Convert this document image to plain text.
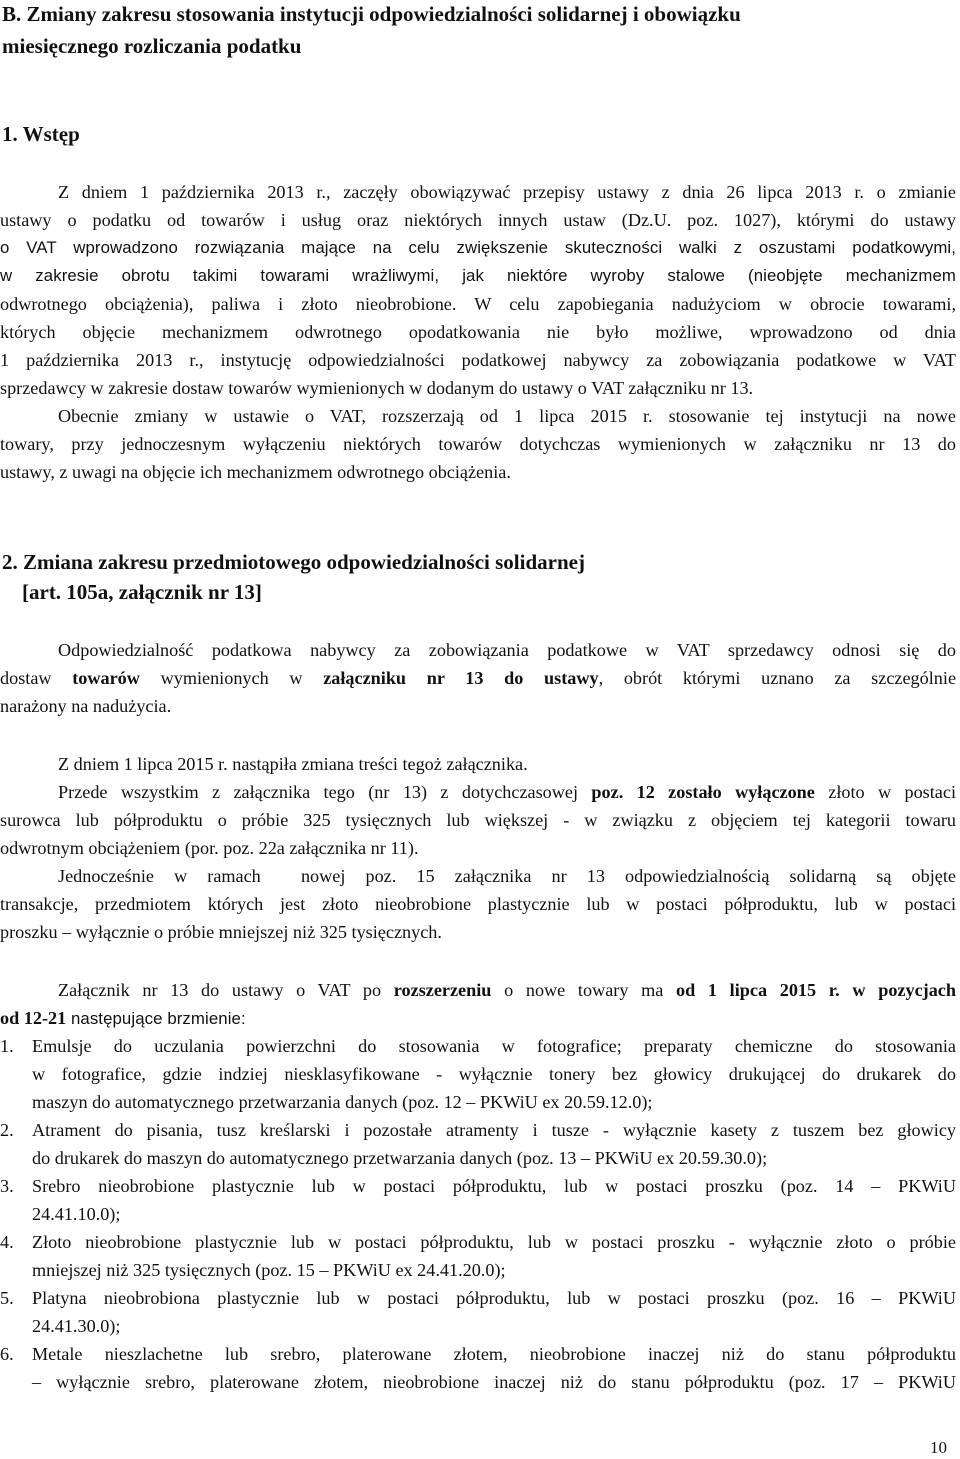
B. Zmiany zakresu stosowania instytucji odpowiedzialności solidarnej i obowiązku
miesięcznego rozliczania podatku
1. Wstęp
Z dniem 1 października 2013 r., zaczęły obowiązywać przepisy ustawy z dnia 26 lipca 2013 r. o zmianie
ustawy o podatku od towarów i usług oraz niektórych innych ustaw (Dz.U. poz. 1027), którymi do ustawy
o VAT wprowadzono rozwiązania mające na celu zwiększenie skuteczności walki z oszustami podatkowymi,
w zakresie obrotu takimi towarami wrażliwymi, jak niektóre wyroby stalowe (nieobjęte mechanizmem
odwrotnego obciążenia), paliwa i złoto nieobrobione. W celu zapobiegania nadużyciom w obrocie towarami,
których objęcie mechanizmem odwrotnego opodatkowania nie było możliwe, wprowadzono od dnia
1 października 2013 r., instytucję odpowiedzialności podatkowej nabywcy za zobowiązania podatkowe w VAT
sprzedawcy w zakresie dostaw towarów wymienionych w dodanym do ustawy o VAT załączniku nr 13.
Obecnie zmiany w ustawie o VAT, rozszerzają od 1 lipca 2015 r. stosowanie tej instytucji na nowe
towary, przy jednoczesnym wyłączeniu niektórych towarów dotychczas wymienionych w załączniku nr 13 do
ustawy, z uwagi na objęcie ich mechanizmem odwrotnego obciążenia.
2. Zmiana zakresu przedmiotowego odpowiedzialności solidarnej
[art. 105a, załącznik nr 13]
Odpowiedzialność podatkowa nabywcy za zobowiązania podatkowe w VAT sprzedawcy odnosi się do
dostaw towarów wymienionych w załączniku nr 13 do ustawy, obrót którymi uznano za szczególnie
narażony na nadużycia.
Z dniem 1 lipca 2015 r. nastąpiła zmiana treści tegoż załącznika.
Przede wszystkim z załącznika tego (nr 13) z dotychczasowej poz. 12 zostało wyłączone złoto w postaci
surowca lub półproduktu o próbie 325 tysięcznych lub większej - w związku z objęciem tej kategorii towaru
odwrotnym obciążeniem (por. poz. 22a załącznika nr 11).
Jednocześnie w ramach  nowej poz. 15 załącznika nr 13 odpowiedzialnością solidarną są objęte
transakcje, przedmiotem których jest złoto nieobrobione plastycznie lub w postaci półproduktu, lub w postaci
proszku – wyłącznie o próbie mniejszej niż 325 tysięcznych.
Załącznik nr 13 do ustawy o VAT po rozszerzeniu o nowe towary ma od 1 lipca 2015 r. w pozycjach
od 12-21 następujące brzmienie:
1.	Emulsje do uczulania powierzchni do stosowania w fotografice; preparaty chemiczne do stosowania
w fotografice, gdzie indziej niesklasyfikowane - wyłącznie tonery bez głowicy drukującej do drukarek do
maszyn do automatycznego przetwarzania danych (poz. 12 – PKWiU ex 20.59.12.0);
2.	Atrament do pisania, tusz kreślarski i pozostałe atramenty i tusze - wyłącznie kasety z tuszem bez głowicy
do drukarek do maszyn do automatycznego przetwarzania danych (poz. 13 – PKWiU ex 20.59.30.0);
3.	Srebro nieobrobione plastycznie lub w postaci półproduktu, lub w postaci proszku (poz. 14 – PKWiU
24.41.10.0);
4.	Złoto nieobrobione plastycznie lub w postaci półproduktu, lub w postaci proszku - wyłącznie złoto o próbie
mniejszej niż 325 tysięcznych (poz. 15 – PKWiU ex 24.41.20.0);
5.	Platyna nieobrobiona plastycznie lub w postaci półproduktu, lub w postaci proszku (poz. 16 – PKWiU
24.41.30.0);
6.	Metale nieszlachetne lub srebro, platerowane złotem, nieobrobione inaczej niż do stanu półproduktu
– wyłącznie srebro, platerowane złotem, nieobrobione inaczej niż do stanu półproduktu (poz. 17 – PKWiU
10
